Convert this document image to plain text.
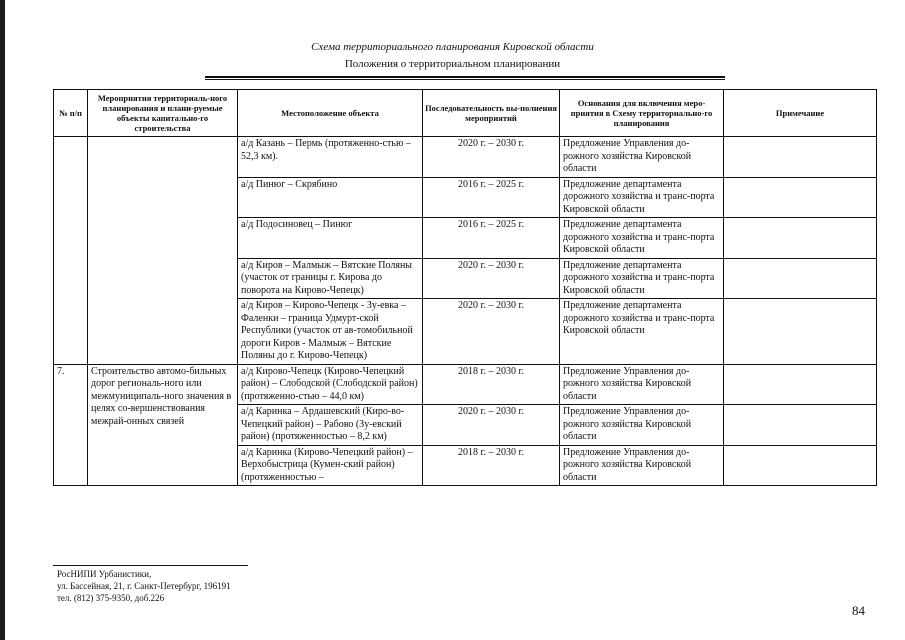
Схема территориального планирования Кировской области
Положения о территориальном планировании
№ п/п	Мероприятия территориаль-ного планирования и плани-руемые объекты капитально-го строительства	Местоположение объекта	Последовательность вы-полнения мероприятий	Основания для включения меро-приятия в Схему территориально-го планирования	Примечание
		а/д Казань – Пермь (протяженно-стью – 52,3 км).	2020 г. – 2030 г.	Предложение Управления до-рожного хозяйства Кировской области	
		а/д Пинюг – Скрябино	2016 г. – 2025 г.	Предложение департамента дорожного хозяйства и транс-порта Кировской области	
		а/д Подосиновец – Пинюг	2016 г. – 2025 г.	Предложение департамента дорожного хозяйства и транс-порта Кировской области	
		а/д Киров – Малмыж – Вятские Поляны (участок от границы г. Кирова до поворота на Кирово-Чепецк)	2020 г. – 2030 г.	Предложение департамента дорожного хозяйства и транс-порта Кировской области	
		а/д Киров – Кирово-Чепецк - Зу-евка – Фаленки – граница Удмурт-ской Республики (участок от ав-томобильной дороги Киров - Малмыж – Вятские Поляны до г. Кирово-Чепецк)	2020 г. – 2030 г.	Предложение департамента дорожного хозяйства и транс-порта Кировской области	
7.	Строительство автомо-бильных дорог региональ-ного или межмуниципаль-ного значения в целях со-вершенствования межрай-онных связей	а/д Кирово-Чепецк (Кирово-Чепецкий район) – Слободской (Слободской район) (протяженно-стью – 44,0 км)	2018 г. – 2030 г.	Предложение Управления до-рожного хозяйства Кировской области	
		а/д Каринка – Ардашевский (Киро-во-Чепецкий район) – Рабово (Зу-евский район) (протяженностью – 8,2 км)	2020 г. – 2030 г.	Предложение Управления до-рожного хозяйства Кировской области	
		а/д Каринка (Кирово-Чепецкий район) – Верхобыстрица (Кумен-ский район) (протяженностью –	2018 г. – 2030 г.	Предложение Управления до-рожного хозяйства Кировской области	
РосНИПИ Урбанистики,
ул. Бассейная, 21, г. Санкт-Петербург, 196191
тел. (812) 375-9350, доб.226
84
